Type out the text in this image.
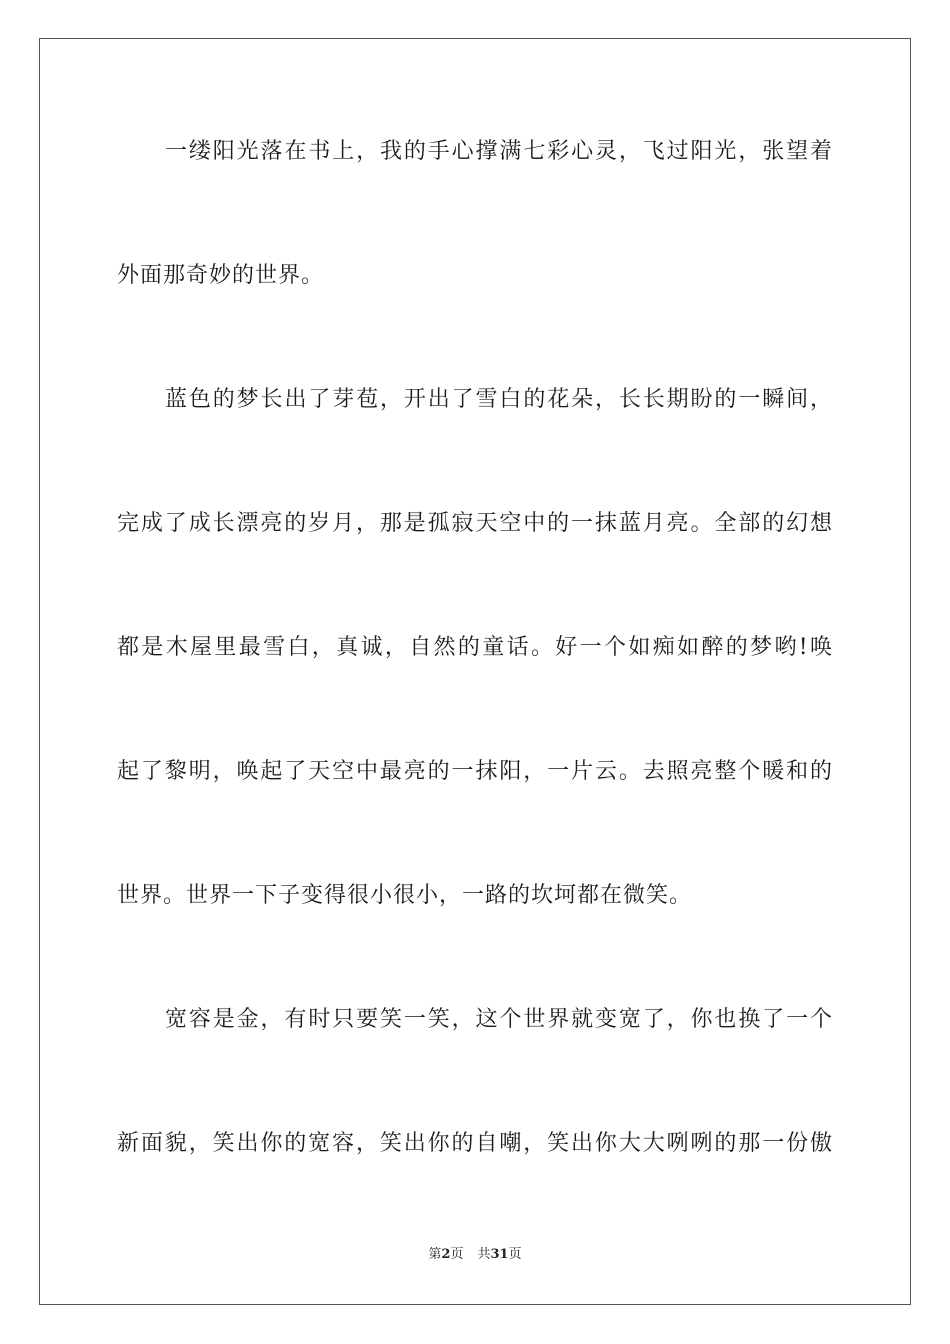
一缕阳光落在书上，我的手心撑满七彩心灵，飞过阳光，张望着
外面那奇妙的世界。
蓝色的梦长出了芽苞，开出了雪白的花朵，长长期盼的一瞬间，
完成了成长漂亮的岁月，那是孤寂天空中的一抹蓝月亮。全部的幻想
都是木屋里最雪白，真诚，自然的童话。好一个如痴如醉的梦哟!唤
起了黎明，唤起了天空中最亮的一抹阳，一片云。去照亮整个暖和的
世界。世界一下子变得很小很小，一路的坎坷都在微笑。
宽容是金，有时只要笑一笑，这个世界就变宽了，你也换了一个
新面貌，笑出你的宽容，笑出你的自嘲，笑出你大大咧咧的那一份傲
第2页 共31页
